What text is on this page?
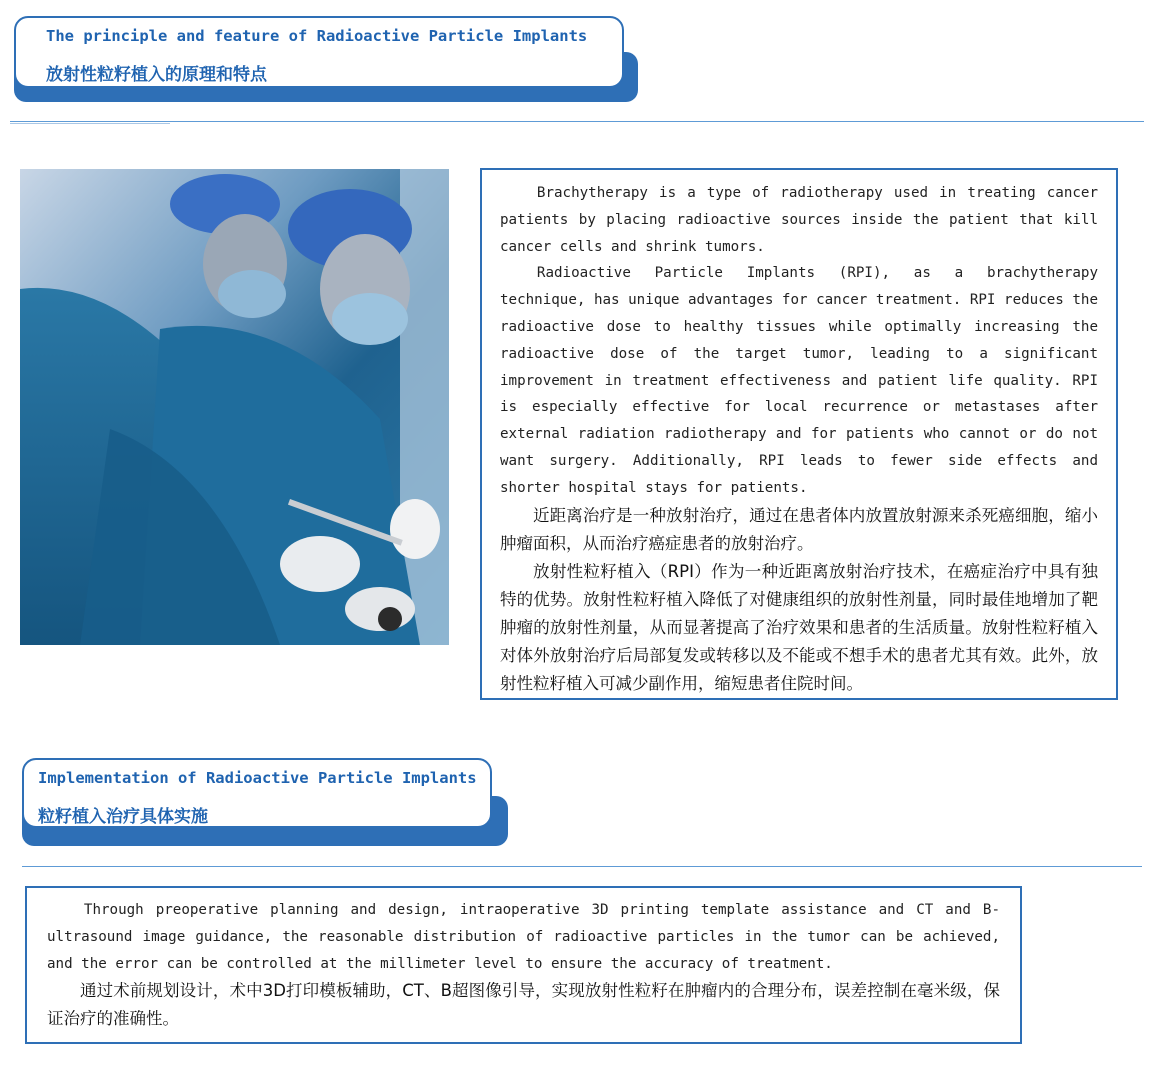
The principle and feature of Radioactive Particle Implants
放射性粒籽植入的原理和特点

Brachytherapy is a type of radiotherapy used in treating cancer patients by placing radioactive sources inside the patient that kill cancer cells and shrink tumors.

Radioactive Particle Implants (RPI), as a brachytherapy technique, has unique advantages for cancer treatment. RPI reduces the radioactive dose to healthy tissues while optimally increasing the radioactive dose of the target tumor, leading to a significant improvement in treatment effectiveness and patient life quality. RPI is especially effective for local recurrence or metastases after external radiation radiotherapy and for patients who cannot or do not want surgery. Additionally, RPI leads to fewer side effects and shorter hospital stays for patients.

近距离治疗是一种放射治疗，通过在患者体内放置放射源来杀死癌细胞，缩小肿瘤面积，从而治疗癌症患者的放射治疗。

放射性粒籽植入（RPI）作为一种近距离放射治疗技术，在癌症治疗中具有独特的优势。放射性粒籽植入降低了对健康组织的放射性剂量，同时最佳地增加了靶肿瘤的放射性剂量，从而显著提高了治疗效果和患者的生活质量。放射性粒籽植入对体外放射治疗后局部复发或转移以及不能或不想手术的患者尤其有效。此外，放射性粒籽植入可减少副作用，缩短患者住院时间。

Implementation of Radioactive Particle Implants
粒籽植入治疗具体实施

Through preoperative planning and design, intraoperative 3D printing template assistance and CT and B-ultrasound image guidance, the reasonable distribution of radioactive particles in the tumor can be achieved, and the error can be controlled at the millimeter level to ensure the accuracy of treatment.

通过术前规划设计，术中3D打印模板辅助，CT、B超图像引导，实现放射性粒籽在肿瘤内的合理分布，误差控制在毫米级，保证治疗的准确性。
